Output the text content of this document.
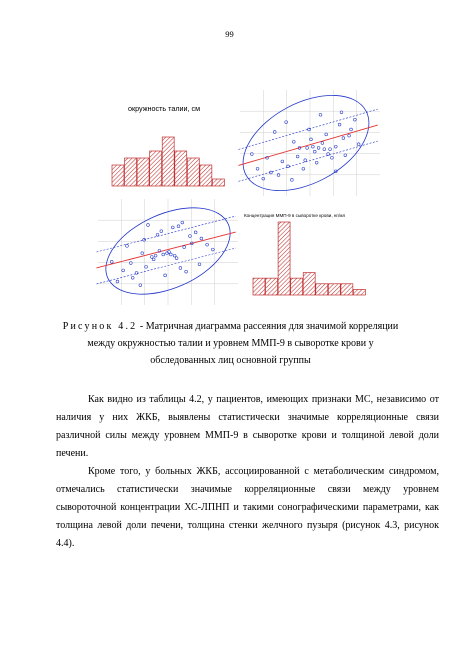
99
окружность талии, см
Концентрация ММП-9 в сыворотке крови, нг/мл
Рисунок 4.2 - Матричная диаграмма рассеяния для значимой корреляции
между окружностью талии и уровнем ММП-9 в сыворотке крови у
обследованных лиц основной группы

Как видно из таблицы 4.2, у пациентов, имеющих признаки МС, независимо от наличия у них ЖКБ, выявлены статистически значимые корреляционные связи различной силы между уровнем ММП-9 в сыворотке крови и толщиной левой доли печени.

Кроме того, у больных ЖКБ, ассоциированной с метаболическим синдромом, отмечались статистически значимые корреляционные связи между уровнем сывороточной концентрации ХС-ЛПНП и такими сонографическими параметрами, как толщина левой доли печени, толщина стенки желчного пузыря (рисунок 4.3, рисунок 4.4).
